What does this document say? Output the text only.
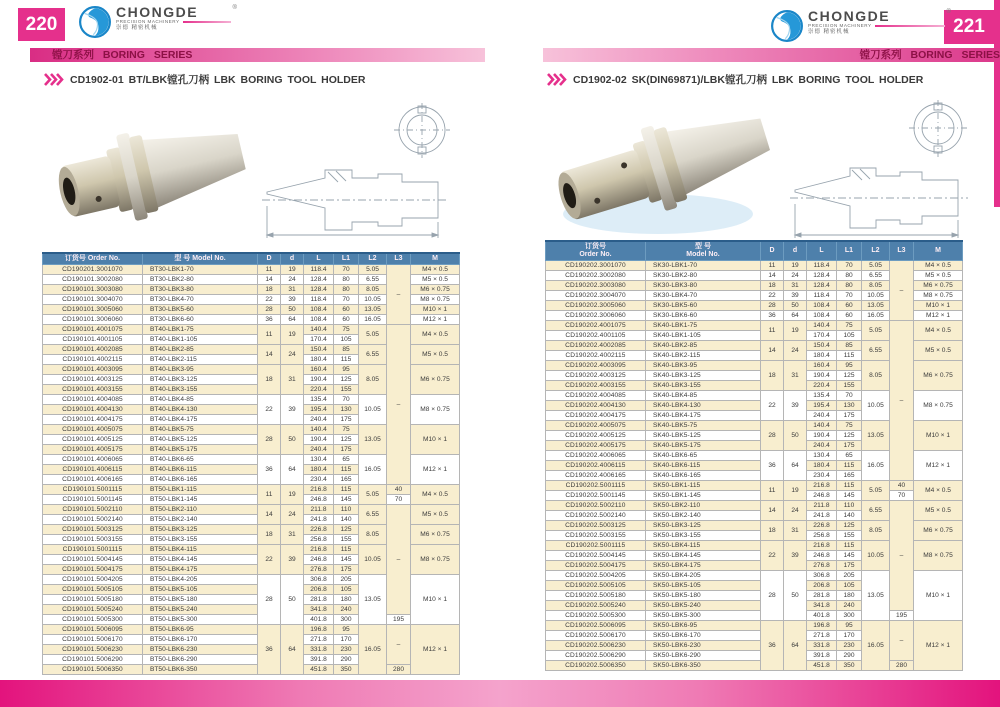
220
CHONGDE
PRECISION MACHINERY
崇德 精密机械
®
镗刀系列 BORING SERIES
CD1902-01 BT/LBK镗孔刀柄 LBK BORING TOOL HOLDER
订货号 Order No.	型 号 Model No.	D	d	L	L1	L2	L3	M
CD190201.3001070	BT30-LBK1-70	11	19	118.4	70	5.05	–	M4 × 0.5
CD190101.3002080	BT30-LBK2-80	14	24	128.4	80	6.55		M5 × 0.5
CD190101.3003080	BT30-LBK3-80	18	31	128.4	80	8.05		M6 × 0.75
CD190101.3004070	BT30-LBK4-70	22	39	118.4	70	10.05		M8 × 0.75
CD190101.3005060	BT30-LBK5-60	28	50	108.4	60	13.05		M10 × 1
CD190101.3006060	BT30-LBK6-60	36	64	108.4	60	16.05		M12 × 1
CD190101.4001075	BT40-LBK1-75	11	19	140.4	75	5.05	–	M4 × 0.5
CD190101.4001105	BT40-LBK1-105			170.4	105			
CD190101.4002085	BT40-LBK2-85	14	24	150.4	85	6.55		M5 × 0.5
CD190101.4002115	BT40-LBK2-115			180.4	115			
CD190101.4003095	BT40-LBK3-95	18	31	160.4	95	8.05		M6 × 0.75
CD190101.4003125	BT40-LBK3-125			190.4	125			
CD190101.4003155	BT40-LBK3-155			220.4	155			
CD190101.4004085	BT40-LBK4-85	22	39	135.4	70	10.05		M8 × 0.75
CD190101.4004130	BT40-LBK4-130			195.4	130			
CD190101.4004175	BT40-LBK4-175			240.4	175			
CD190101.4005075	BT40-LBK5-75	28	50	140.4	75	13.05		M10 × 1
CD190101.4005125	BT40-LBK5-125			190.4	125			
CD190101.4005175	BT40-LBK5-175			240.4	175			
CD190101.4006065	BT40-LBK6-65	36	64	130.4	65	16.05		M12 × 1
CD190101.4006115	BT40-LBK6-115			180.4	115			
CD190101.4006165	BT40-LBK6-165			230.4	165			
CD190101.5001115	BT50-LBK1-115	11	19	216.8	115	5.05	40	M4 × 0.5
CD190101.5001145	BT50-LBK1-145			246.8	145		70	
CD190101.5002110	BT50-LBK2-110	14	24	211.8	110	6.55	–	M5 × 0.5
CD190101.5002140	BT50-LBK2-140			241.8	140			
CD190101.5003125	BT50-LBK3-125	18	31	226.8	125	8.05		M6 × 0.75
CD190101.5003155	BT50-LBK3-155			256.8	155			
CD190101.5001115	BT50-LBK4-115	22	39	216.8	115	10.05		M8 × 0.75
CD190101.5004145	BT50-LBK4-145			246.8	145			
CD190101.5004175	BT50-LBK4-175			276.8	175			
CD190101.5004205	BT50-LBK4-205	28	50	306.8	205	13.05		M10 × 1
CD190101.5005105	BT50-LBK5-105			206.8	105			
CD190101.5005180	BT50-LBK5-180			281.8	180			
CD190101.5005240	BT50-LBK5-240			341.8	240			
CD190101.5005300	BT50-LBK5-300			401.8	300		195	
CD190101.5006095	BT50-LBK6-95	36	64	196.8	95	16.05	–	M12 × 1
CD190101.5006170	BT50-LBK6-170			271.8	170			
CD190101.5006230	BT50-LBK6-230			331.8	230			
CD190101.5006290	BT50-LBK6-290			391.8	290			
CD190101.5006350	BT50-LBK6-350			451.8	350		280	
221
CHONGDE
PRECISION MACHINERY
崇德 精密机械
®
镗刀系列 BORING SERIES
CD1902-02 SK(DIN69871)/LBK镗孔刀柄 LBK BORING TOOL HOLDER
订货号
Order No.	型 号
Model No.	D	d	L	L1	L2	L3	M
CD190202.3001070	SK30-LBK1-70	11	19	118.4	70	5.05	–	M4 × 0.5
CD190202.3002080	SK30-LBK2-80	14	24	128.4	80	6.55		M5 × 0.5
CD190202.3003080	SK30-LBK3-80	18	31	128.4	80	8.05		M6 × 0.75
CD190202.3004070	SK30-LBK4-70	22	39	118.4	70	10.05		M8 × 0.75
CD190202.3005060	SK30-LBK5-60	28	50	108.4	60	13.05		M10 × 1
CD190202.3006060	SK30-LBK6-60	36	64	108.4	60	16.05		M12 × 1
CD190202.4001075	SK40-LBK1-75	11	19	140.4	75	5.05	–	M4 × 0.5
CD190202.4001105	SK40-LBK1-105			170.4	105			
CD190202.4002085	SK40-LBK2-85	14	24	150.4	85	6.55		M5 × 0.5
CD190202.4002115	SK40-LBK2-115			180.4	115			
CD190202.4003095	SK40-LBK3-95	18	31	160.4	95	8.05		M6 × 0.75
CD190202.4003125	SK40-LBK3-125			190.4	125			
CD190202.4003155	SK40-LBK3-155			220.4	155			
CD190202.4004085	SK40-LBK4-85	22	39	135.4	70	10.05		M8 × 0.75
CD190202.4004130	SK40-LBK4-130			195.4	130			
CD190202.4004175	SK40-LBK4-175			240.4	175			
CD190202.4005075	SK40-LBK5-75	28	50	140.4	75	13.05		M10 × 1
CD190202.4005125	SK40-LBK5-125			190.4	125			
CD190202.4005175	SK40-LBK5-175			240.4	175			
CD190202.4006065	SK40-LBK6-65	36	64	130.4	65	16.05		M12 × 1
CD190202.4006115	SK40-LBK6-115			180.4	115			
CD190202.4006165	SK40-LBK6-165			230.4	165			
CD190202.5001115	SK50-LBK1-115	11	19	216.8	115	5.05	40	M4 × 0.5
CD190202.5001145	SK50-LBK1-145			246.8	145		70	
CD190202.5002110	SK50-LBK2-110	14	24	211.8	110	6.55	–	M5 × 0.5
CD190202.5002140	SK50-LBK2-140			241.8	140			
CD190202.5003125	SK50-LBK3-125	18	31	226.8	125	8.05		M6 × 0.75
CD190202.5003155	SK50-LBK3-155			256.8	155			
CD190202.5001115	SK50-LBK4-115	22	39	216.8	115	10.05		M8 × 0.75
CD190202.5004145	SK50-LBK4-145			246.8	145			
CD190202.5004175	SK50-LBK4-175			276.8	175			
CD190202.5004205	SK50-LBK4-205	28	50	306.8	205	13.05		M10 × 1
CD190202.5005105	SK50-LBK5-105			206.8	105			
CD190202.5005180	SK50-LBK5-180			281.8	180			
CD190202.5005240	SK50-LBK5-240			341.8	240			
CD190202.5005300	SK50-LBK5-300			401.8	300		195	
CD190202.5006095	SK50-LBK6-95	36	64	196.8	95	16.05	–	M12 × 1
CD190202.5006170	SK50-LBK6-170			271.8	170			
CD190202.5006230	SK50-LBK6-230			331.8	230			
CD190202.5006290	SK50-LBK6-290			391.8	290			
CD190202.5006350	SK50-LBK6-350			451.8	350		280	
